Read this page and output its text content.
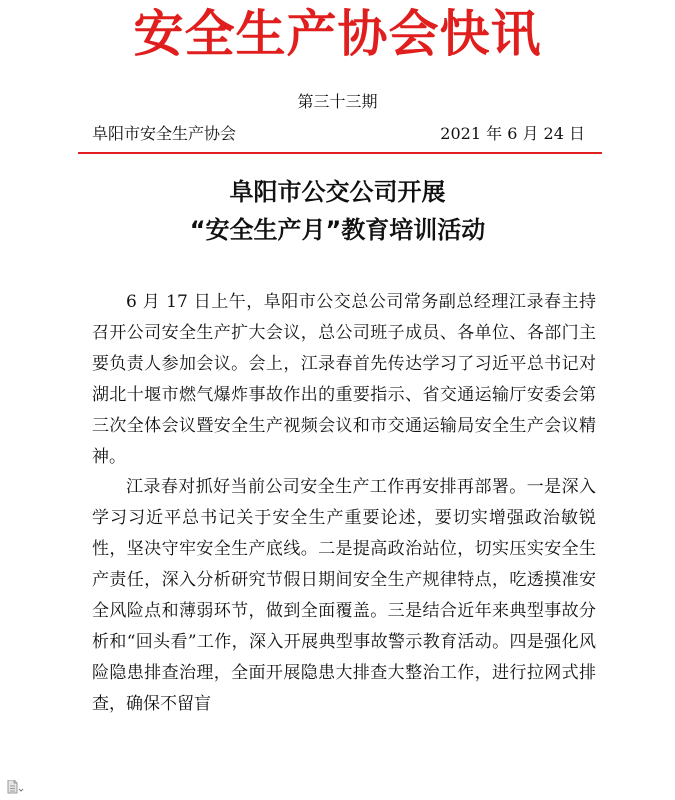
安全生产协会快讯
第三十三期
阜阳市安全生产协会	2021 年 6 月 24 日
阜阳市公交公司开展
“安全生产月”教育培训活动

6 月 17 日上午，阜阳市公交总公司常务副总经理江录春主持召开公司安全生产扩大会议，总公司班子成员、各单位、各部门主要负责人参加会议。会上，江录春首先传达学习了习近平总书记对湖北十堰市燃气爆炸事故作出的重要指示、省交通运输厅安委会第三次全体会议暨安全生产视频会议和市交通运输局安全生产会议精神。

江录春对抓好当前公司安全生产工作再安排再部署。一是深入学习习近平总书记关于安全生产重要论述，要切实增强政治敏锐性，坚决守牢安全生产底线。二是提高政治站位，切实压实安全生产责任，深入分析研究节假日期间安全生产规律特点，吃透摸准安全风险点和薄弱环节，做到全面覆盖。三是结合近年来典型事故分析和“回头看”工作，深入开展典型事故警示教育活动。四是强化风险隐患排查治理，全面开展隐患大排查大整治工作，进行拉网式排查，确保不留盲
